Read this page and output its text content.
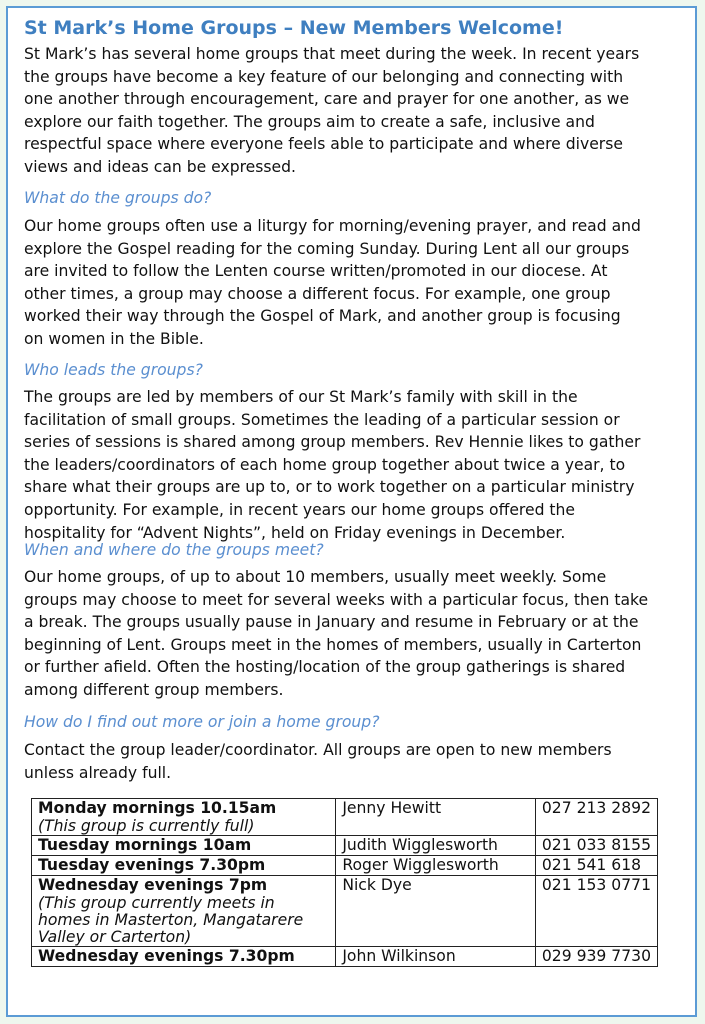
St Mark’s Home Groups – New Members Welcome!

St Mark’s has several home groups that meet during the week. In recent years
the groups have become a key feature of our belonging and connecting with
one another through encouragement, care and prayer for one another, as we
explore our faith together. The groups aim to create a safe, inclusive and
respectful space where everyone feels able to participate and where diverse
views and ideas can be expressed.

What do the groups do?

Our home groups often use a liturgy for morning/evening prayer, and read and
explore the Gospel reading for the coming Sunday. During Lent all our groups
are invited to follow the Lenten course written/promoted in our diocese. At
other times, a group may choose a different focus. For example, one group
worked their way through the Gospel of Mark, and another group is focusing
on women in the Bible.

Who leads the groups?

The groups are led by members of our St Mark’s family with skill in the
facilitation of small groups. Sometimes the leading of a particular session or
series of sessions is shared among group members. Rev Hennie likes to gather
the leaders/coordinators of each home group together about twice a year, to
share what their groups are up to, or to work together on a particular ministry
opportunity. For example, in recent years our home groups offered the
hospitality for “Advent Nights”, held on Friday evenings in December.

When and where do the groups meet?

Our home groups, of up to about 10 members, usually meet weekly. Some
groups may choose to meet for several weeks with a particular focus, then take
a break. The groups usually pause in January and resume in February or at the
beginning of Lent. Groups meet in the homes of members, usually in Carterton
or further afield. Often the hosting/location of the group gatherings is shared
among different group members.

How do I find out more or join a home group?

Contact the group leader/coordinator. All groups are open to new members
unless already full.

Monday mornings 10.15am
(This group is currently full)	Jenny Hewitt	027 213 2892

Tuesday mornings 10am	Judith Wigglesworth	021 033 8155

Tuesday evenings 7.30pm	Roger Wigglesworth	021 541 618

Wednesday evenings 7pm
(This group currently meets in
homes in Masterton, Mangatarere
Valley or Carterton)	Nick Dye	021 153 0771

Wednesday evenings 7.30pm	John Wilkinson	029 939 7730
